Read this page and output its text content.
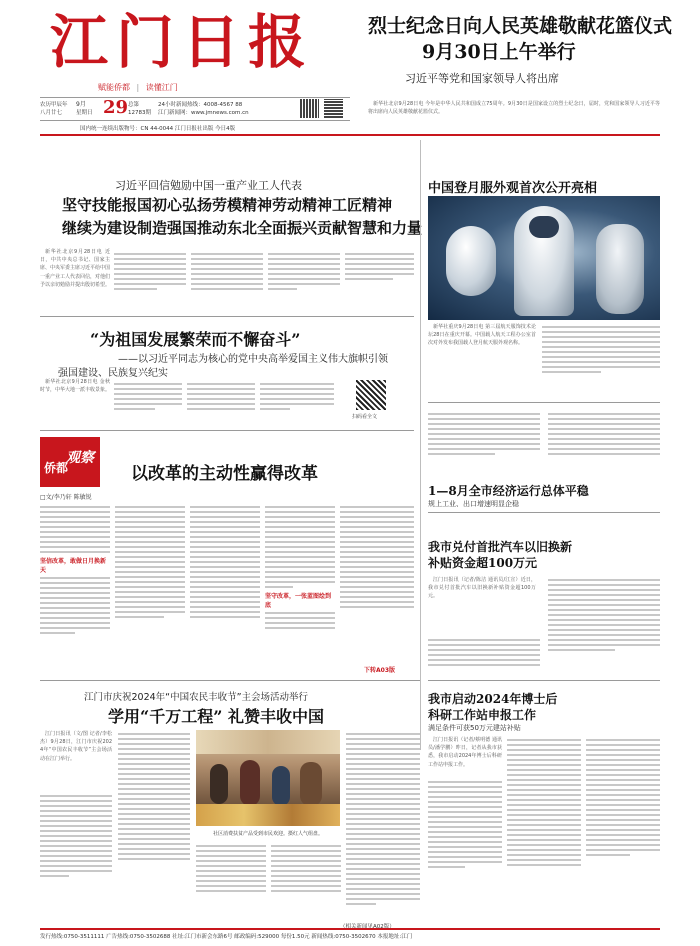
江门日报
赋能侨都 | 读懂江门
农历甲辰年
八月廿七
9月
星期日 29 总第
12783期
24小时新闻热线：4008-4567 88
江门新闻网：www.jmnews.com.cn
国内统一连续出版物号：CN 44-0044 江门日报社出版 今日4版
烈士纪念日向人民英雄敬献花篮仪式
9月30日上午举行
习近平等党和国家领导人将出席

新华社北京9月28日电 今年是中华人民共和国成立75周年。9月30日是国家设立的烈士纪念日，届时，党和国家领导人习近平等将出席向人民英雄敬献花篮仪式。

习近平回信勉励中国一重产业工人代表
坚守技能报国初心弘扬劳模精神劳动精神工匠精神
继续为建设制造强国推动东北全面振兴贡献智慧和力量

新华社北京9月28日电 近日，中共中央总书记、国家主席、中央军委主席习近平给中国一重产业工人代表回信，对他们予以亲切勉励并提出殷切希望。

中国登月服外观首次公开亮相

新华社重庆9月28日电 第三届航天服饰技术论坛28日在重庆开幕。中国载人航天工程办公室首次对外发布我国载人登月航天服外观名称。

“为祖国发展繁荣而不懈奋斗”
——以习近平同志为核心的党中央高举爱国主义伟大旗帜引领
强国建设、民族复兴纪实

新华社北京9月28日电 金秋时节，中华大地一派丰收景象。

扫码看全文
侨都
观察
以改革的主动性赢得改革
□文/李乃轩 陈敏锐
坚信改革，敢做日月换新天
坚守改革，一张蓝图绘到底
下转A03版
1—8月全市经济运行总体平稳
规上工业、出口增速明显企稳
我市兑付首批汽车以旧换新
补贴资金超100万元

江门日报讯（记者/陈洁 通讯员/江宣）近日，我市兑付首批汽车以旧换新补贴资金超100万元。

江门市庆祝2024年“中国农民丰收节”主会场活动举行
学用“千万工程” 礼赞丰收中国

江门日报讯（文/图 记者/李松杰）9月28日，江门市庆祝2024年“中国农民丰收节”主会场活动在江门举行。

社区消费扶贫产品受到市民欢迎。摄红人气组盘。
（相关新闻见A02版）
我市启动2024年博士后
科研工作站申报工作
满足条件可获50万元建站补贴

江门日报讯（记者/蔡明德 通讯员/潘学鹏）昨日，记者从我市获悉，我市启动2024年博士后科研工作站申报工作。

发行热线:0750-3511111 广告热线:0750-3502688 社址:江门市新会东路6号 邮政编码:529000 每份1.50元 新闻热线:0750-3502670 本报地址:江门
